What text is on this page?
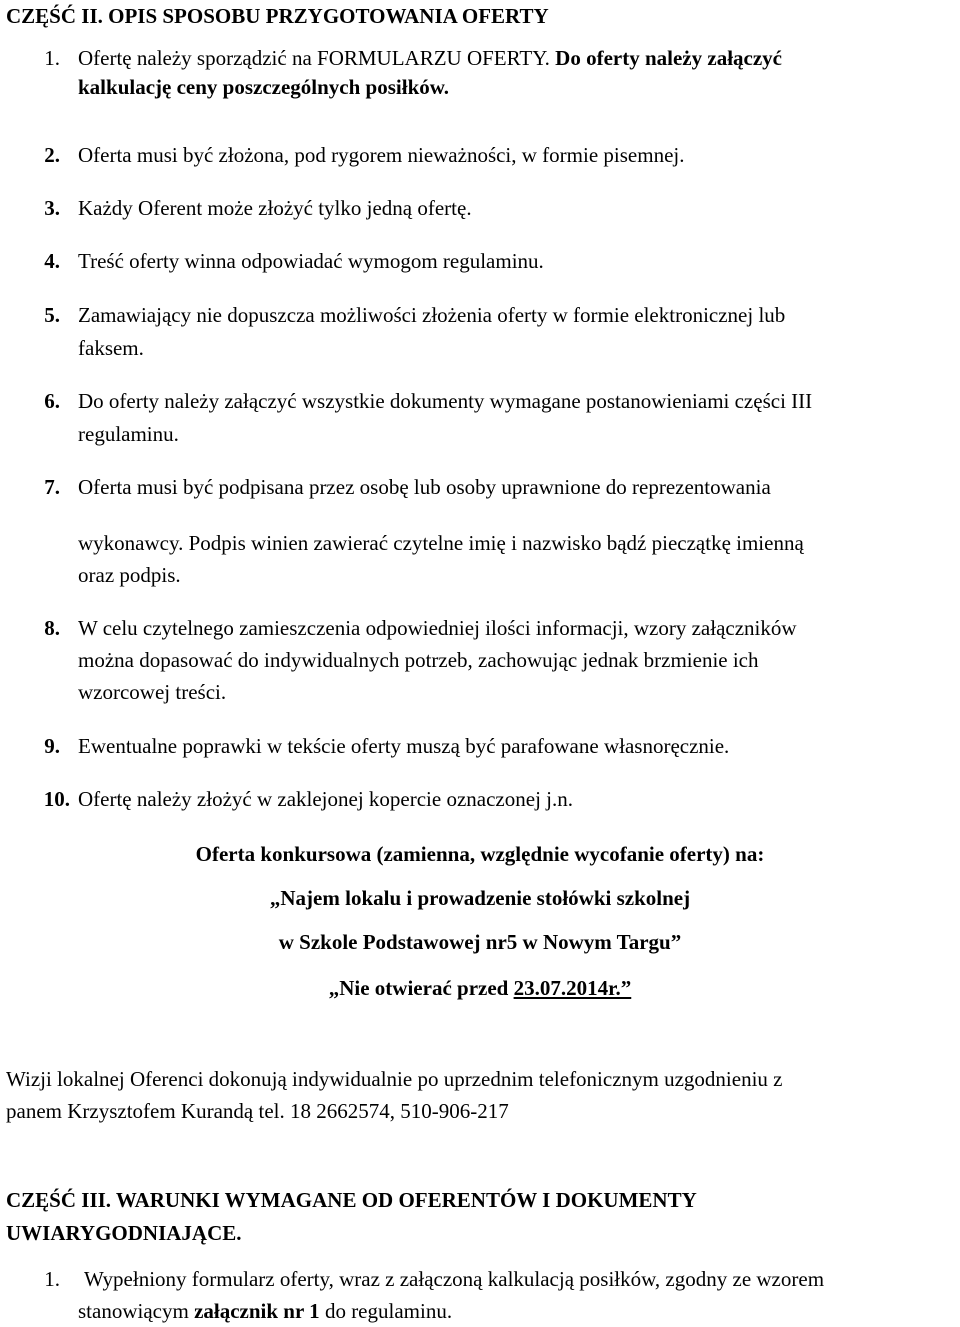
CZĘŚĆ II. OPIS SPOSOBU PRZYGOTOWANIA OFERTY
1. Ofertę należy sporządzić na FORMULARZU OFERTY. Do oferty należy załączyć
kalkulację ceny poszczególnych posiłków.
2. Oferta musi być złożona, pod rygorem nieważności, w formie pisemnej.
3. Każdy Oferent może złożyć tylko jedną ofertę.
4. Treść oferty winna odpowiadać wymogom regulaminu.
5. Zamawiający nie dopuszcza możliwości złożenia oferty w formie elektronicznej lub
faksem.
6. Do oferty należy załączyć wszystkie dokumenty wymagane postanowieniami części III
regulaminu.
7. Oferta musi być podpisana przez osobę lub osoby uprawnione do reprezentowania
wykonawcy. Podpis winien zawierać czytelne imię i nazwisko bądź pieczątkę imienną
oraz podpis.
8. W celu czytelnego zamieszczenia odpowiedniej ilości informacji, wzory załączników
można dopasować do indywidualnych potrzeb, zachowując jednak brzmienie ich
wzorcowej treści.
9. Ewentualne poprawki w tekście oferty muszą być parafowane własnoręcznie.
10. Ofertę należy złożyć w zaklejonej kopercie oznaczonej j.n.
Oferta konkursowa (zamienna, względnie wycofanie oferty) na:
„Najem lokalu i prowadzenie stołówki szkolnej
w Szkole Podstawowej nr5 w Nowym Targu”
„Nie otwierać przed 23.07.2014r.”
Wizji lokalnej Oferenci dokonują indywidualnie po uprzednim telefonicznym uzgodnieniu z
panem Krzysztofem Kurandą tel. 18 2662574, 510-906-217
CZĘŚĆ III. WARUNKI WYMAGANE OD OFERENTÓW I DOKUMENTY
UWIARYGODNIAJĄCE.
1. Wypełniony formularz oferty, wraz z załączoną kalkulacją posiłków, zgodny ze wzorem
stanowiącym załącznik nr 1 do regulaminu.
